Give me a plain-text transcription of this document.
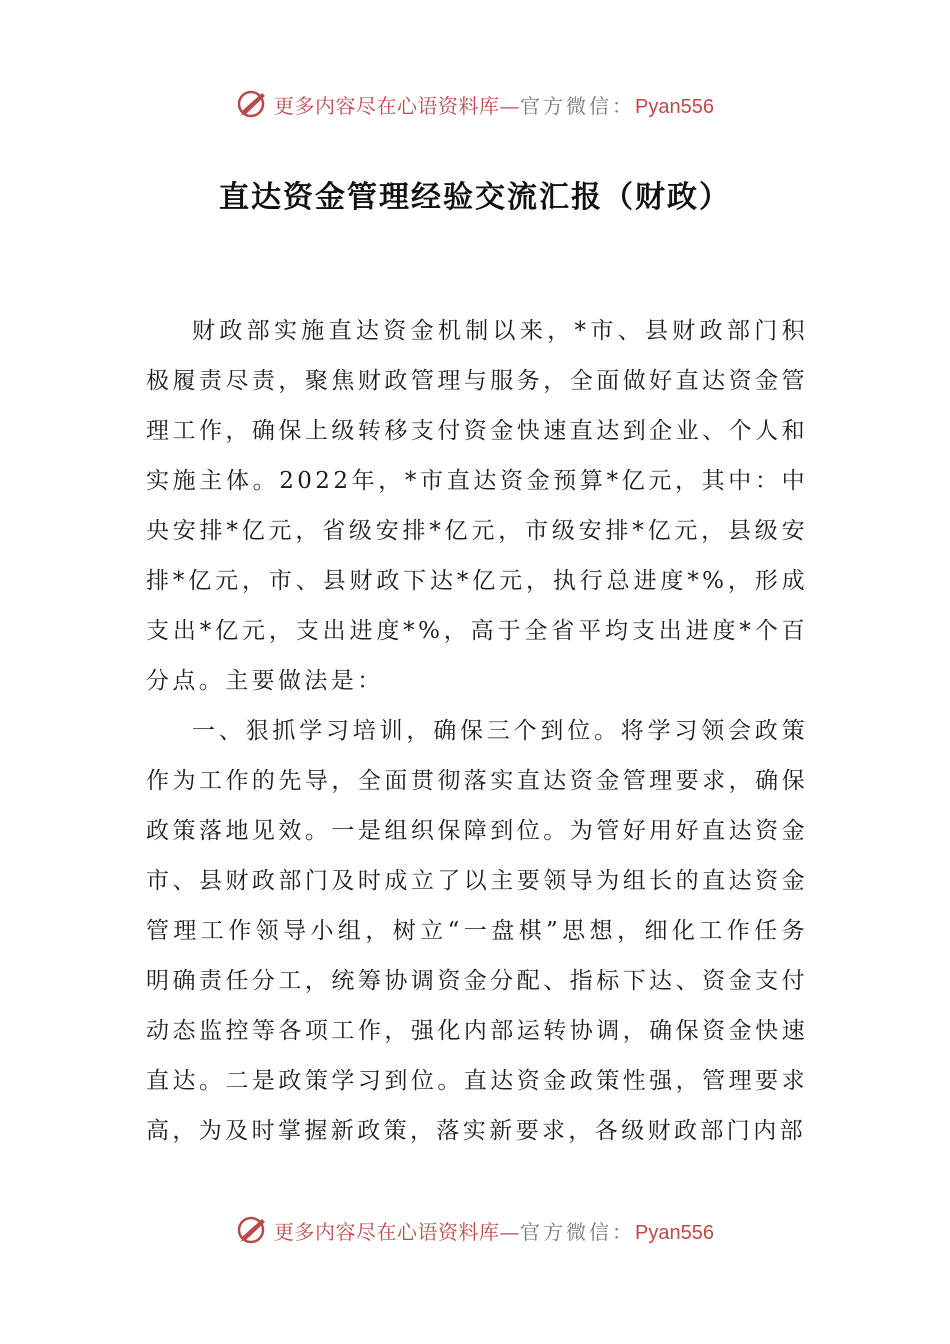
更多内容尽在心语资料库—官方微信：Pyan556
直达资金管理经验交流汇报（财政）

财政部实施直达资金机制以来，*市、县财政部门积极履责尽责，聚焦财政管理与服务，全面做好直达资金管理工作，确保上级转移支付资金快速直达到企业、个人和实施主体。2022年，*市直达资金预算*亿元，其中：中央安排*亿元，省级安排*亿元，市级安排*亿元，县级安排*亿元，市、县财政下达*亿元，执行总进度*%，形成支出*亿元，支出进度*%，高于全省平均支出进度*个百分点。主要做法是：

一、狠抓学习培训，确保三个到位。将学习领会政策作为工作的先导，全面贯彻落实直达资金管理要求，确保政策落地见效。一是组织保障到位。为管好用好直达资金市、县财政部门及时成立了以主要领导为组长的直达资金管理工作领导小组，树立“一盘棋”思想，细化工作任务明确责任分工，统筹协调资金分配、指标下达、资金支付动态监控等各项工作，强化内部运转协调，确保资金快速直达。二是政策学习到位。直达资金政策性强，管理要求高，为及时掌握新政策，落实新要求，各级财政部门内部

更多内容尽在心语资料库—官方微信：Pyan556
